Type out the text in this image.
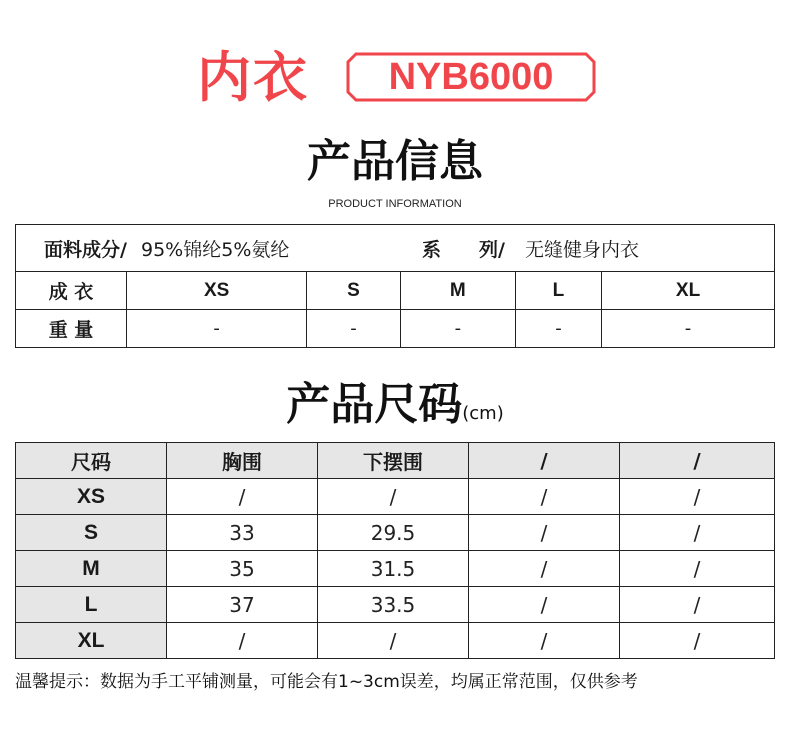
内衣	NYB6000
产品信息
PRODUCT INFORMATION
面料成分/ 95%锦纶5%氨纶 系　　列/ 无缝健身内衣					
成 衣	XS	S	M	L	XL
重 量	-	-	-	-	-
产品尺码(cm)
尺码	胸围	下摆围	/	/
XS	/	/	/	/
S	33	29.5	/	/
M	35	31.5	/	/
L	37	33.5	/	/
XL	/	/	/	/
温馨提示：数据为手工平铺测量，可能会有1~3cm误差，均属正常范围，仅供参考
